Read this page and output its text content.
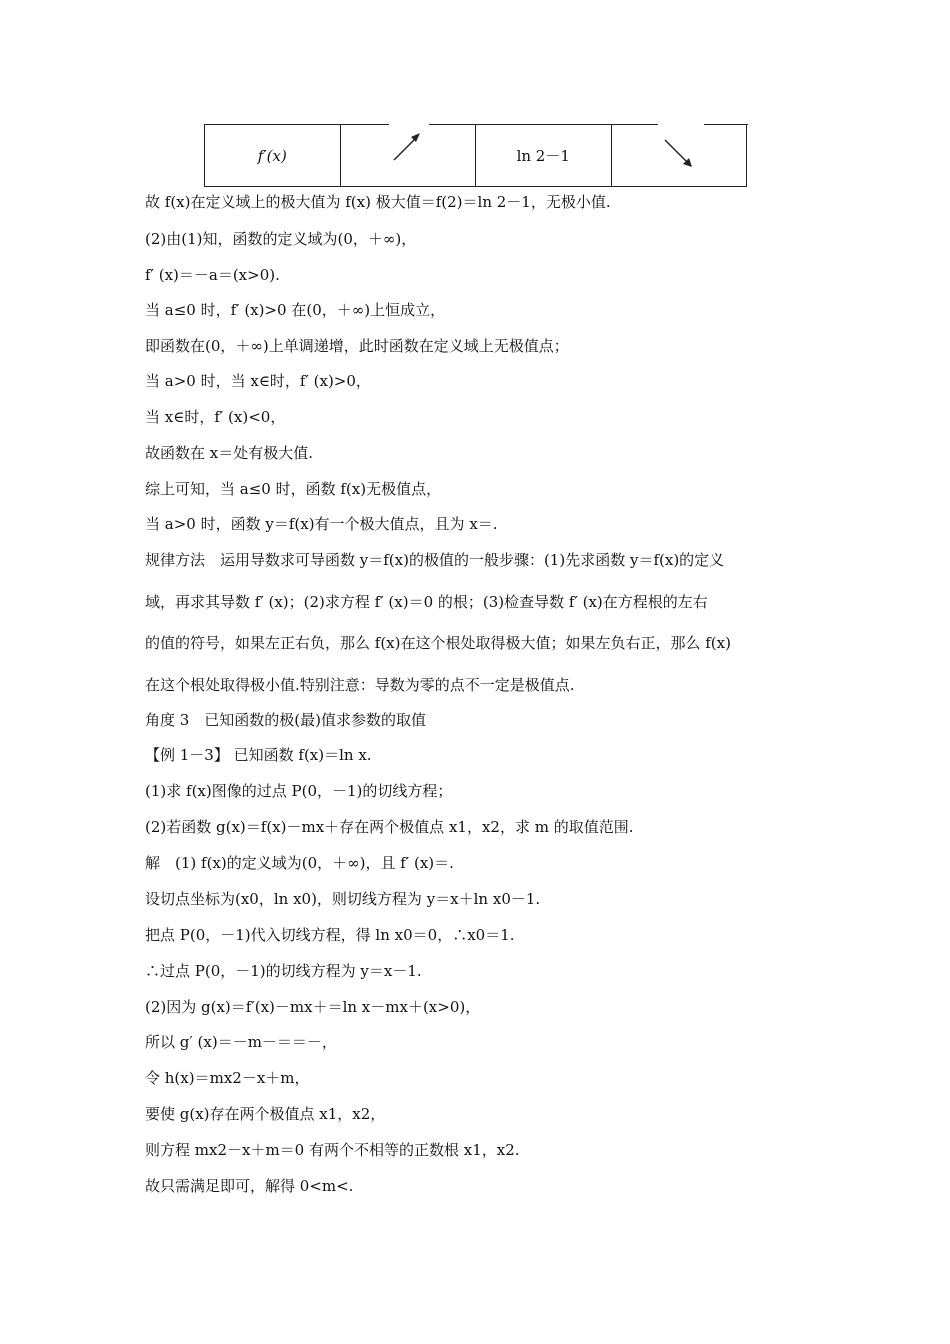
f′(x)		ln 2－1	
故 f(x)在定义域上的极大值为 f(x) 极大值＝f(2)＝ln 2－1，无极小值.
(2)由(1)知，函数的定义域为(0，＋∞)，
f′ (x)＝－a＝(x>0).
当 a≤0 时，f′ (x)>0 在(0，＋∞)上恒成立，
即函数在(0，＋∞)上单调递增，此时函数在定义域上无极值点；
当 a>0 时，当 x∈时，f′ (x)>0，
当 x∈时，f′ (x)<0，
故函数在 x＝处有极大值.
综上可知，当 a≤0 时，函数 f(x)无极值点，
当 a>0 时，函数 y＝f(x)有一个极大值点，且为 x＝.
规律方法　运用导数求可导函数 y＝f(x)的极值的一般步骤：(1)先求函数 y＝f(x)的定义
域，再求其导数 f′ (x)；(2)求方程 f′ (x)＝0 的根；(3)检查导数 f′ (x)在方程根的左右
的值的符号，如果左正右负，那么 f(x)在这个根处取得极大值；如果左负右正，那么 f(x)
在这个根处取得极小值.特别注意：导数为零的点不一定是极值点.
角度 3　已知函数的极(最)值求参数的取值
【例 1－3】 已知函数 f(x)＝ln x.
(1)求 f(x)图像的过点 P(0，－1)的切线方程；
(2)若函数 g(x)＝f(x)－mx＋存在两个极值点 x1，x2，求 m 的取值范围.
解　(1) f(x)的定义域为(0，＋∞)，且 f′ (x)＝.
设切点坐标为(x0，ln x0)，则切线方程为 y＝x＋ln x0－1.
把点 P(0，－1)代入切线方程，得 ln x0＝0，∴x0＝1.
∴过点 P(0，－1)的切线方程为 y＝x－1.
(2)因为 g(x)＝f′(x)－mx＋＝ln x－mx＋(x>0)，
所以 g′ (x)＝－m－＝＝－，
令 h(x)＝mx2－x＋m，
要使 g(x)存在两个极值点 x1，x2，
则方程 mx2－x＋m＝0 有两个不相等的正数根 x1，x2.
故只需满足即可，解得 0<m<.
